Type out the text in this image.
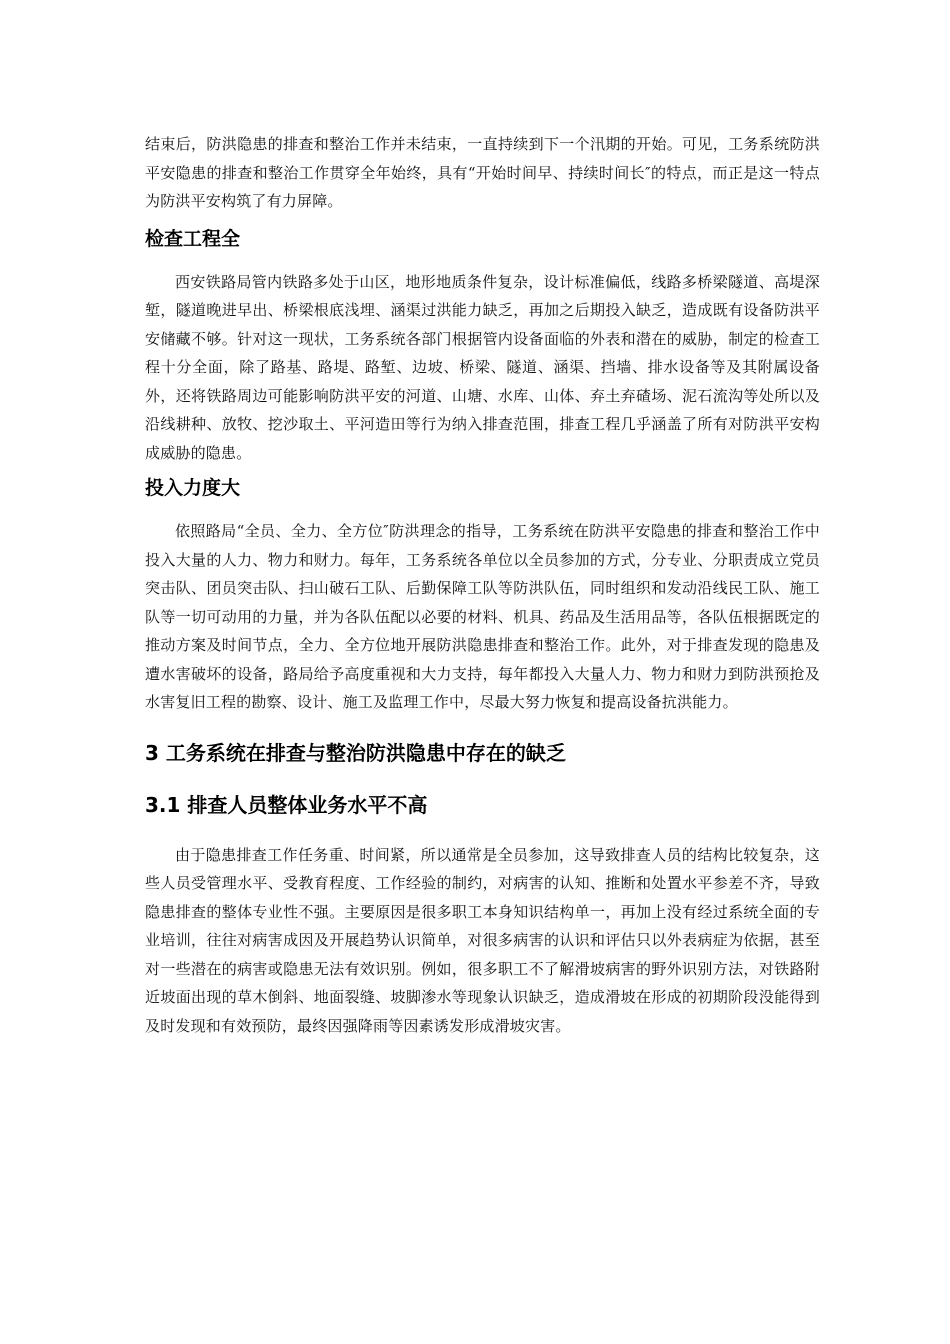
结束后，防洪隐患的排查和整治工作并未结束，一直持续到下一个汛期的开始。可见，工务系统防洪平安隐患的排查和整治工作贯穿全年始终，具有“开始时间早、持续时间长″的特点，而正是这一特点为防洪平安构筑了有力屏障。

检查工程全

西安铁路局管内铁路多处于山区，地形地质条件复杂，设计标准偏低，线路多桥梁隧道、高堤深堑，隧道晚进早出、桥梁根底浅埋、涵渠过洪能力缺乏，再加之后期投入缺乏，造成既有设备防洪平安储藏不够。针对这一现状，工务系统各部门根据管内设备面临的外表和潜在的威胁，制定的检查工程十分全面，除了路基、路堤、路堑、边坡、桥梁、隧道、涵渠、挡墙、排水设备等及其附属设备外，还将铁路周边可能影响防洪平安的河道、山塘、水库、山体、弃土弃碴场、泥石流沟等处所以及沿线耕种、放牧、挖沙取土、平河造田等行为纳入排查范围，排查工程几乎涵盖了所有对防洪平安构成威胁的隐患。

投入力度大

依照路局“全员、全力、全方位″防洪理念的指导，工务系统在防洪平安隐患的排查和整治工作中投入大量的人力、物力和财力。每年，工务系统各单位以全员参加的方式，分专业、分职责成立党员突击队、团员突击队、扫山破石工队、后勤保障工队等防洪队伍，同时组织和发动沿线民工队、施工队等一切可动用的力量，并为各队伍配以必要的材料、机具、药品及生活用品等，各队伍根据既定的推动方案及时间节点，全力、全方位地开展防洪隐患排查和整治工作。此外，对于排查发现的隐患及遭水害破坏的设备，路局给予高度重视和大力支持，每年都投入大量人力、物力和财力到防洪预抢及水害复旧工程的勘察、设计、施工及监理工作中，尽最大努力恢复和提高设备抗洪能力。

3 工务系统在排查与整治防洪隐患中存在的缺乏
3.1 排查人员整体业务水平不高

由于隐患排查工作任务重、时间紧，所以通常是全员参加，这导致排查人员的结构比较复杂，这些人员受管理水平、受教育程度、工作经验的制约，对病害的认知、推断和处置水平参差不齐，导致隐患排查的整体专业性不强。主要原因是很多职工本身知识结构单一，再加上没有经过系统全面的专业培训，往往对病害成因及开展趋势认识简单，对很多病害的认识和评估只以外表病症为依据，甚至对一些潜在的病害或隐患无法有效识别。例如，很多职工不了解滑坡病害的野外识别方法，对铁路附近坡面出现的草木倒斜、地面裂缝、坡脚渗水等现象认识缺乏，造成滑坡在形成的初期阶段没能得到及时发现和有效预防，最终因强降雨等因素诱发形成滑坡灾害。
